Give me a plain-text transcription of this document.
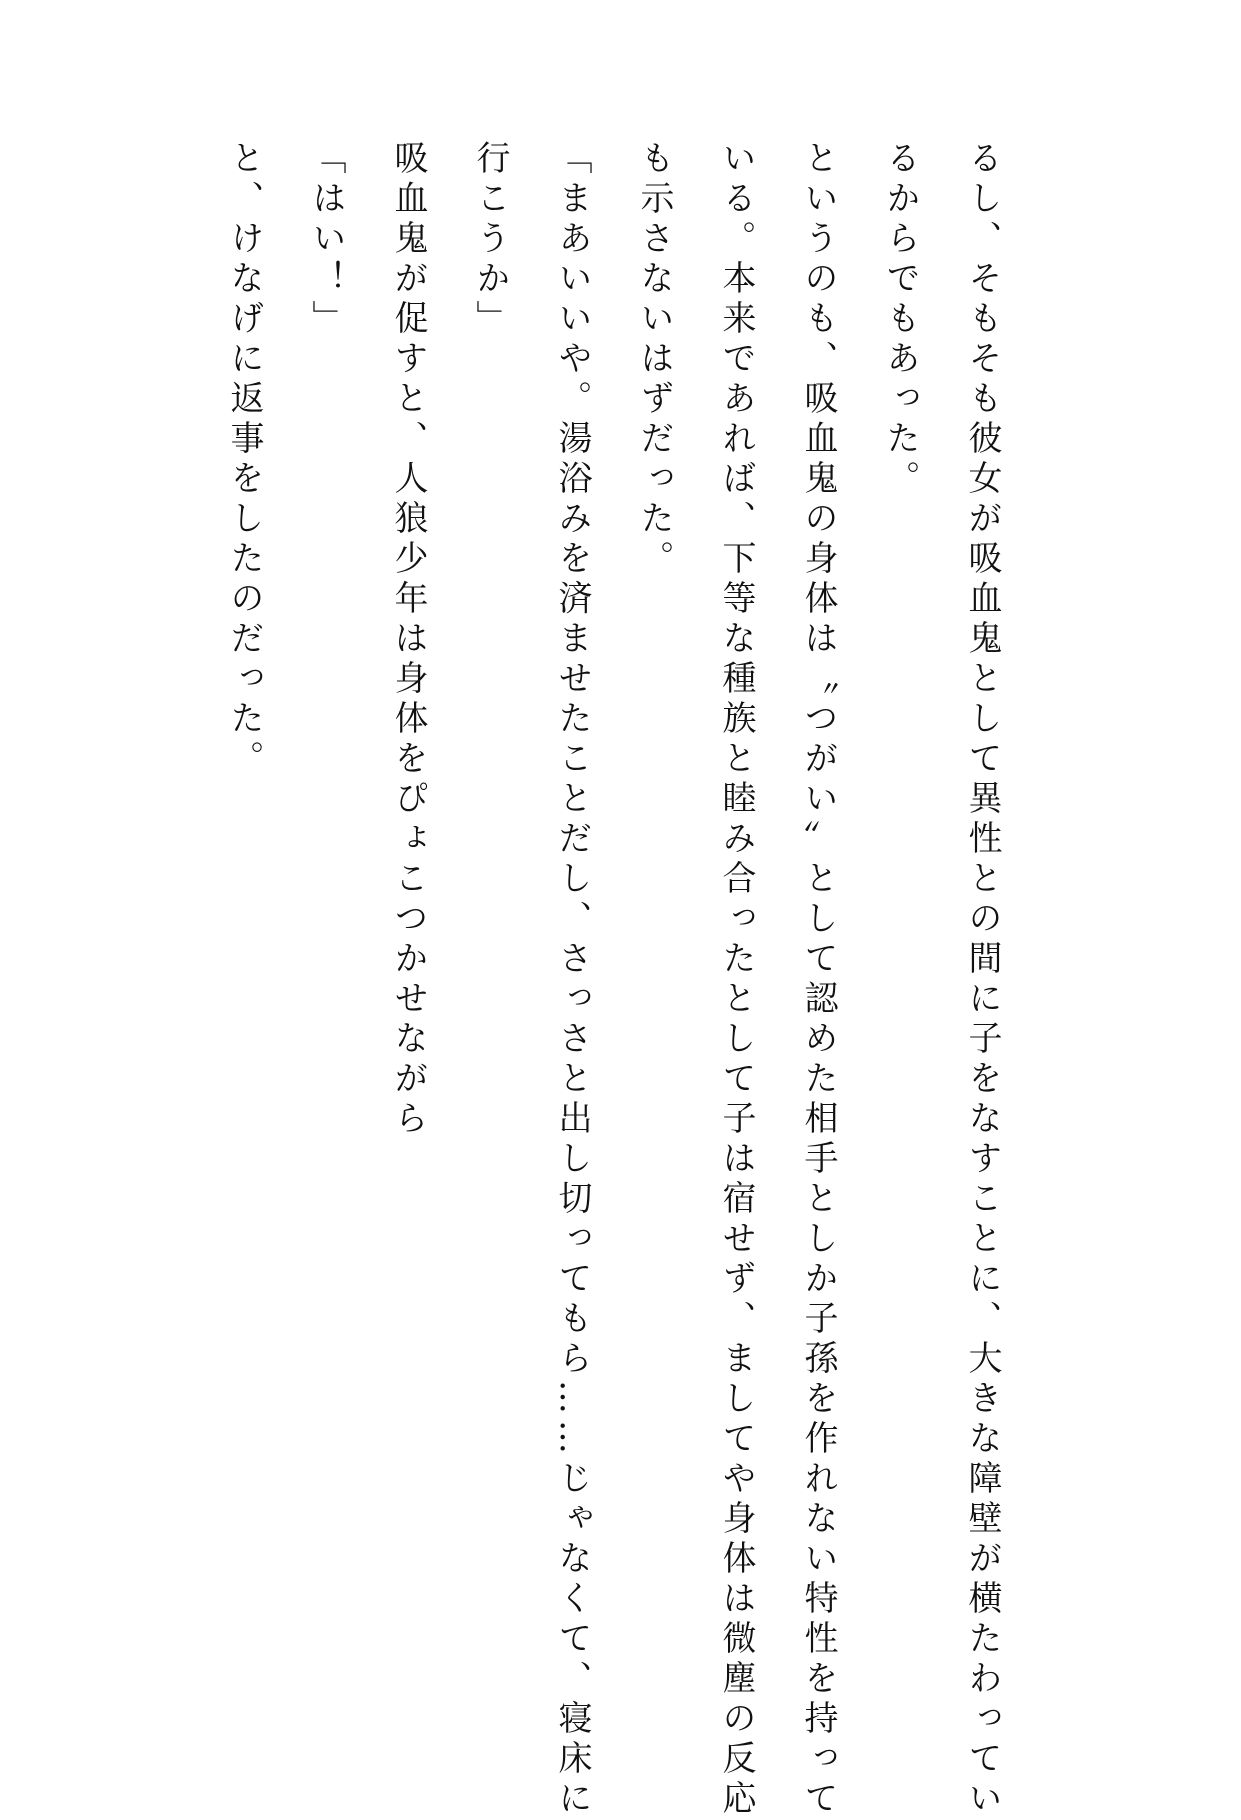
るし、そもそも彼女が吸血鬼として異性との間に子をなすことに、大きな障壁が横たわってい
るからでもあった。
というのも、吸血鬼の身体は〝つがい〟として認めた相手としか子孫を作れない特性を持って
いる。本来であれば、下等な種族と睦み合ったとして子は宿せず、ましてや身体は微塵の反応
も示さないはずだった。
「まあいいや。湯浴みを済ませたことだし、さっさと出し切ってもら……じゃなくて、寝床に
行こうか」
吸血鬼が促すと、人狼少年は身体をぴょこつかせながら
「はい！」
と、けなげに返事をしたのだった。
